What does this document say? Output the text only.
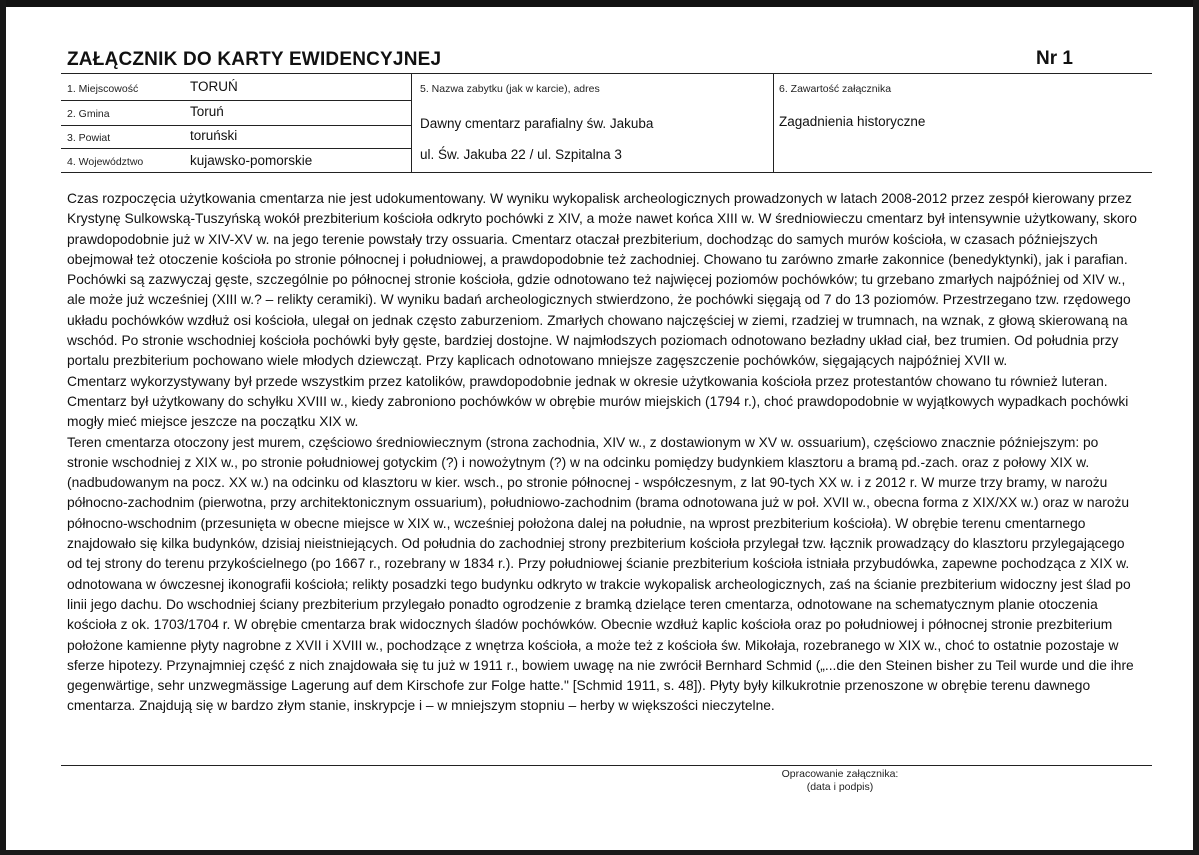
ZAŁĄCZNIK DO KARTY EWIDENCYJNEJ	Nr 1
1. Miejscowość	TORUŃ
2. Gmina	Toruń
3. Powiat	toruński
4. Województwo	kujawsko-pomorskie
5. Nazwa zabytku (jak w karcie), adres
Dawny cmentarz parafialny św. Jakuba
ul. Św. Jakuba 22 / ul. Szpitalna 3
6. Zawartość załącznika
Zagadnienia historyczne

Czas rozpoczęcia użytkowania cmentarza nie jest udokumentowany. W wyniku wykopalisk archeologicznych prowadzonych w latach 2008-2012 przez zespół kierowany przez Krystynę Sulkowską-Tuszyńską wokół prezbiterium kościoła odkryto pochówki z XIV, a może nawet końca XIII w. W średniowieczu cmentarz był intensywnie użytkowany, skoro prawdopodobnie już w XIV-XV w. na jego terenie powstały trzy ossuaria. Cmentarz otaczał prezbiterium, dochodząc do samych murów kościoła, w czasach późniejszych obejmował też otoczenie kościoła po stronie północnej i południowej, a prawdopodobnie też zachodniej. Chowano tu zarówno zmarłe zakonnice (benedyktynki), jak i parafian. Pochówki są zazwyczaj gęste, szczególnie po północnej stronie kościoła, gdzie odnotowano też najwięcej poziomów pochówków; tu grzebano zmarłych najpóźniej od XIV w., ale może już wcześniej (XIII w.? – relikty ceramiki). W wyniku badań archeologicznych stwierdzono, że pochówki sięgają od 7 do 13 poziomów. Przestrzegano tzw. rzędowego układu pochówków wzdłuż osi kościoła, ulegał on jednak często zaburzeniom. Zmarłych chowano najczęściej w ziemi, rzadziej w trumnach, na wznak, z głową skierowaną na wschód. Po stronie wschodniej kościoła pochówki były gęste, bardziej dostojne. W najmłodszych poziomach odnotowano bezładny układ ciał, bez trumien. Od południa przy portalu prezbiterium pochowano wiele młodych dziewcząt. Przy kaplicach odnotowano mniejsze zagęszczenie pochówków, sięgających najpóźniej XVII w.

Cmentarz wykorzystywany był przede wszystkim przez katolików, prawdopodobnie jednak w okresie użytkowania kościoła przez protestantów chowano tu również luteran. Cmentarz był użytkowany do schyłku XVIII w., kiedy zabroniono pochówków w obrębie murów miejskich (1794 r.), choć prawdopodobnie w wyjątkowych wypadkach pochówki mogły mieć miejsce jeszcze na początku XIX w.

Teren cmentarza otoczony jest murem, częściowo średniowiecznym (strona zachodnia, XIV w., z dostawionym w XV w. ossuarium), częściowo znacznie późniejszym: po stronie wschodniej z XIX w., po stronie południowej gotyckim (?) i nowożytnym (?) w na odcinku pomiędzy budynkiem klasztoru a bramą pd.-zach. oraz z połowy XIX w. (nadbudowanym na pocz. XX w.) na odcinku od klasztoru w kier. wsch., po stronie północnej - współczesnym, z lat 90-tych XX w. i z 2012 r. W murze trzy bramy, w narożu północno-zachodnim (pierwotna, przy architektonicznym ossuarium), południowo-zachodnim (brama odnotowana już w poł. XVII w., obecna forma z XIX/XX w.) oraz w narożu północno-wschodnim (przesunięta w obecne miejsce w XIX w., wcześniej położona dalej na południe, na wprost prezbiterium kościoła). W obrębie terenu cmentarnego znajdowało się kilka budynków, dzisiaj nieistniejących. Od południa do zachodniej strony prezbiterium kościoła przylegał tzw. łącznik prowadzący do klasztoru przylegającego od tej strony do terenu przykościelnego (po 1667 r., rozebrany w 1834 r.). Przy południowej ścianie prezbiterium kościoła istniała przybudówka, zapewne pochodząca z XIX w. odnotowana w ówczesnej ikonografii kościoła; relikty posadzki tego budynku odkryto w trakcie wykopalisk archeologicznych, zaś na ścianie prezbiterium widoczny jest ślad po linii jego dachu. Do wschodniej ściany prezbiterium przylegało ponadto ogrodzenie z bramką dzielące teren cmentarza, odnotowane na schematycznym planie otoczenia kościoła z ok. 1703/1704 r. W obrębie cmentarza brak widocznych śladów pochówków. Obecnie wzdłuż kaplic kościoła oraz po południowej i północnej stronie prezbiterium położone kamienne płyty nagrobne z XVII i XVIII w., pochodzące z wnętrza kościoła, a może też z kościoła św. Mikołaja, rozebranego w XIX w., choć to ostatnie pozostaje w sferze hipotezy. Przynajmniej część z nich znajdowała się tu już w 1911 r., bowiem uwagę na nie zwrócił Bernhard Schmid („...die den Steinen bisher zu Teil wurde und die ihre gegenwärtige, sehr unzwegmässige Lagerung auf dem Kirschofe zur Folge hatte." [Schmid 1911, s. 48]). Płyty były kilkukrotnie przenoszone w obrębie terenu dawnego cmentarza. Znajdują się w bardzo złym stanie, inskrypcje i – w mniejszym stopniu – herby w większości nieczytelne.

Opracowanie załącznika:
(data i podpis)
